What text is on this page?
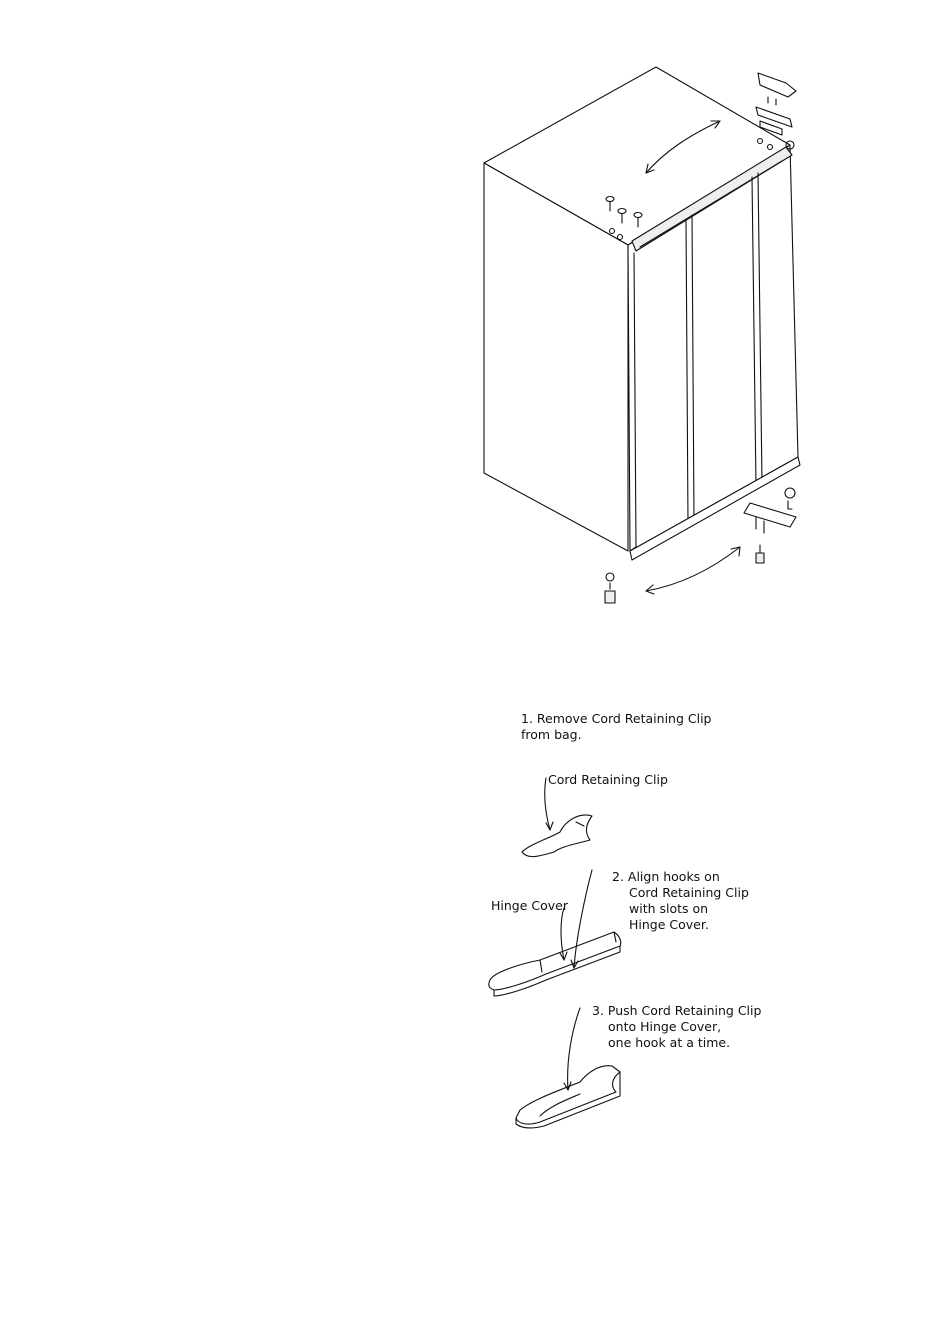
1. Remove Cord Retaining Clip
from bag.
Cord Retaining Clip
2. Align hooks on
Cord Retaining Clip
with slots on
Hinge Cover.
Hinge Cover
3. Push Cord Retaining Clip
onto Hinge Cover,
one hook at a time.
